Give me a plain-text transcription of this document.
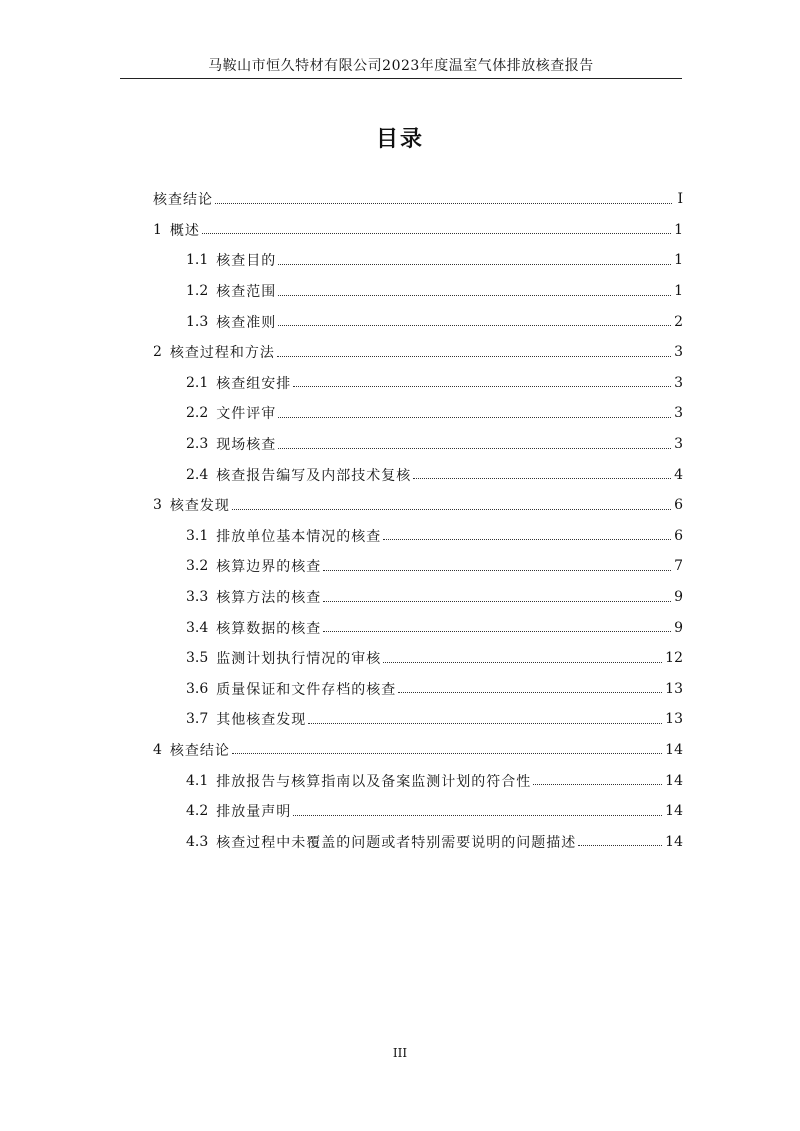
马鞍山市恒久特材有限公司2023年度温室气体排放核查报告
目录
核查结论	I
1 概述	1
1.1 核查目的	1
1.2 核查范围	1
1.3 核查准则	2
2 核查过程和方法	3
2.1 核查组安排	3
2.2 文件评审	3
2.3 现场核查	3
2.4 核查报告编写及内部技术复核	4
3 核查发现	6
3.1 排放单位基本情况的核查	6
3.2 核算边界的核查	7
3.3 核算方法的核查	9
3.4 核算数据的核查	9
3.5 监测计划执行情况的审核	12
3.6 质量保证和文件存档的核查	13
3.7 其他核查发现	13
4 核查结论	14
4.1 排放报告与核算指南以及备案监测计划的符合性	14
4.2 排放量声明	14
4.3 核查过程中未覆盖的问题或者特别需要说明的问题描述	14
III
